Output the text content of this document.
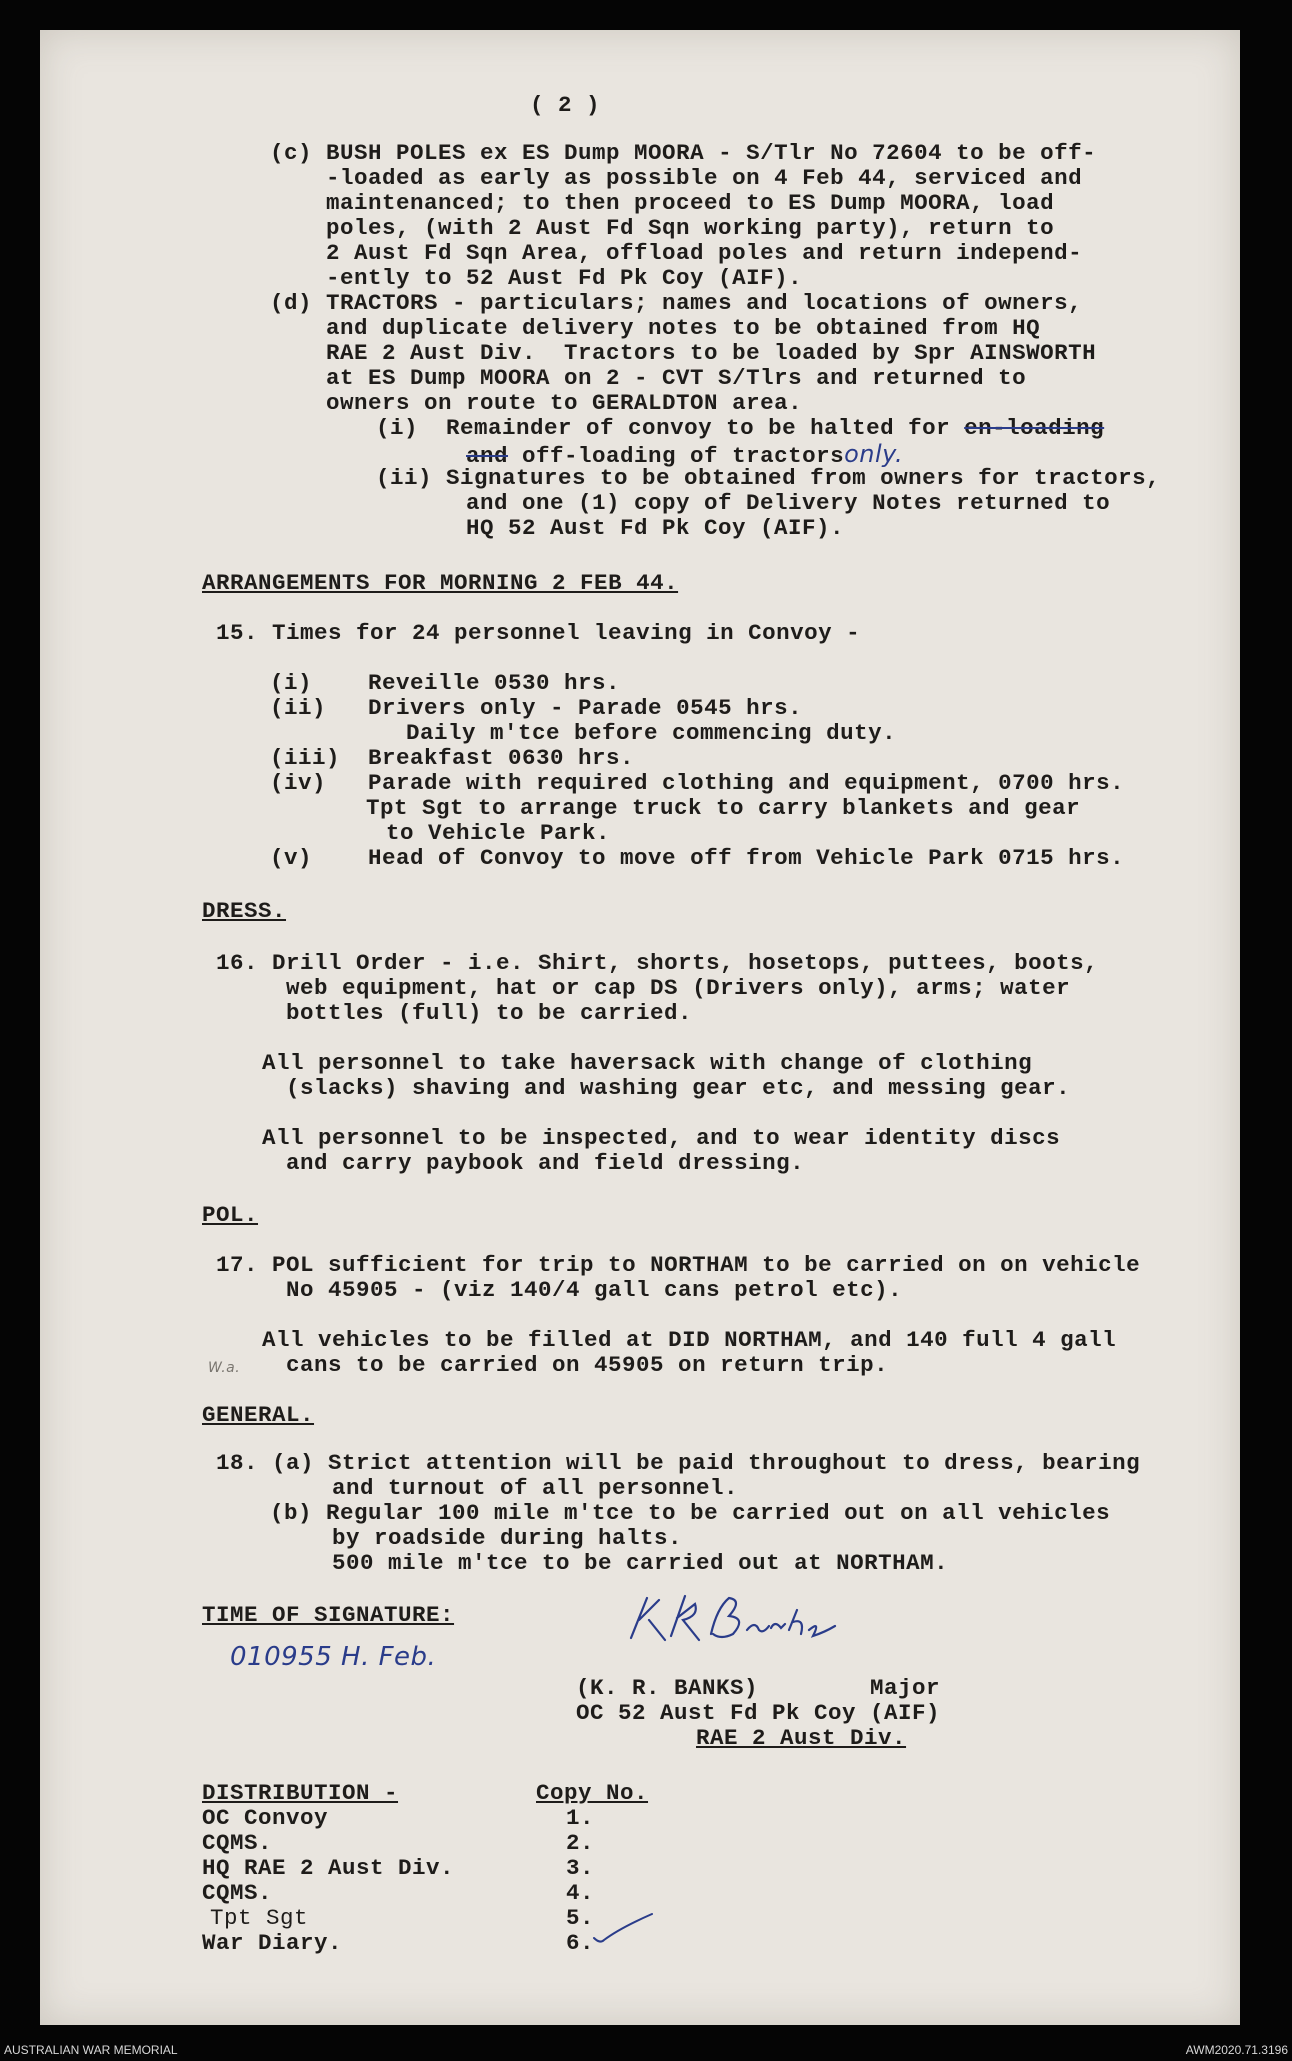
( 2 )
(c) BUSH POLES ex ES Dump MOORA - S/Tlr No 72604 to be off-
-loaded as early as possible on 4 Feb 44, serviced and
maintenanced; to then proceed to ES Dump MOORA, load
poles, (with 2 Aust Fd Sqn working party), return to
2 Aust Fd Sqn Area, offload poles and return independ-
-ently to 52 Aust Fd Pk Coy (AIF).
(d) TRACTORS - particulars; names and locations of owners,
and duplicate delivery notes to be obtained from HQ
RAE 2 Aust Div.  Tractors to be loaded by Spr AINSWORTH
at ES Dump MOORA on 2 - CVT S/Tlrs and returned to
owners on route to GERALDTON area.
(i) Remainder of convoy to be halted for en-loading
and off-loading of tractorsonly.
(ii) Signatures to be obtained from owners for tractors,
and one (1) copy of Delivery Notes returned to
HQ 52 Aust Fd Pk Coy (AIF).
ARRANGEMENTS FOR MORNING 2 FEB 44.
15. Times for 24 personnel leaving in Convoy -
(i)    Reveille 0530 hrs.
(ii)   Drivers only - Parade 0545 hrs.
Daily m'tce before commencing duty.
(iii)  Breakfast 0630 hrs.
(iv)   Parade with required clothing and equipment, 0700 hrs.
Tpt Sgt to arrange truck to carry blankets and gear
to Vehicle Park.
(v)    Head of Convoy to move off from Vehicle Park 0715 hrs.
DRESS.
16. Drill Order - i.e. Shirt, shorts, hosetops, puttees, boots,
web equipment, hat or cap DS (Drivers only), arms; water
bottles (full) to be carried.
All personnel to take haversack with change of clothing
(slacks) shaving and washing gear etc, and messing gear.
All personnel to be inspected, and to wear identity discs
and carry paybook and field dressing.
POL.
17. POL sufficient for trip to NORTHAM to be carried on on vehicle
No 45905 - (viz 140/4 gall cans petrol etc).
All vehicles to be filled at DID NORTHAM, and 140 full 4 gall
cans to be carried on 45905 on return trip.
W.a.
GENERAL.
18. (a) Strict attention will be paid throughout to dress, bearing
and turnout of all personnel.
(b) Regular 100 mile m'tce to be carried out on all vehicles
by roadside during halts.
500 mile m'tce to be carried out at NORTHAM.
TIME OF SIGNATURE:
010955 H. Feb.
(K. R. BANKS)        Major
OC 52 Aust Fd Pk Coy (AIF)
RAE 2 Aust Div.
DISTRIBUTION -	Copy No.
OC Convoy	1.
CQMS.	2.
HQ RAE 2 Aust Div.	3.
CQMS.	4.
Tpt Sgt	5.
War Diary.	6.
AUSTRALIAN WAR MEMORIAL	AWM2020.71.3196
